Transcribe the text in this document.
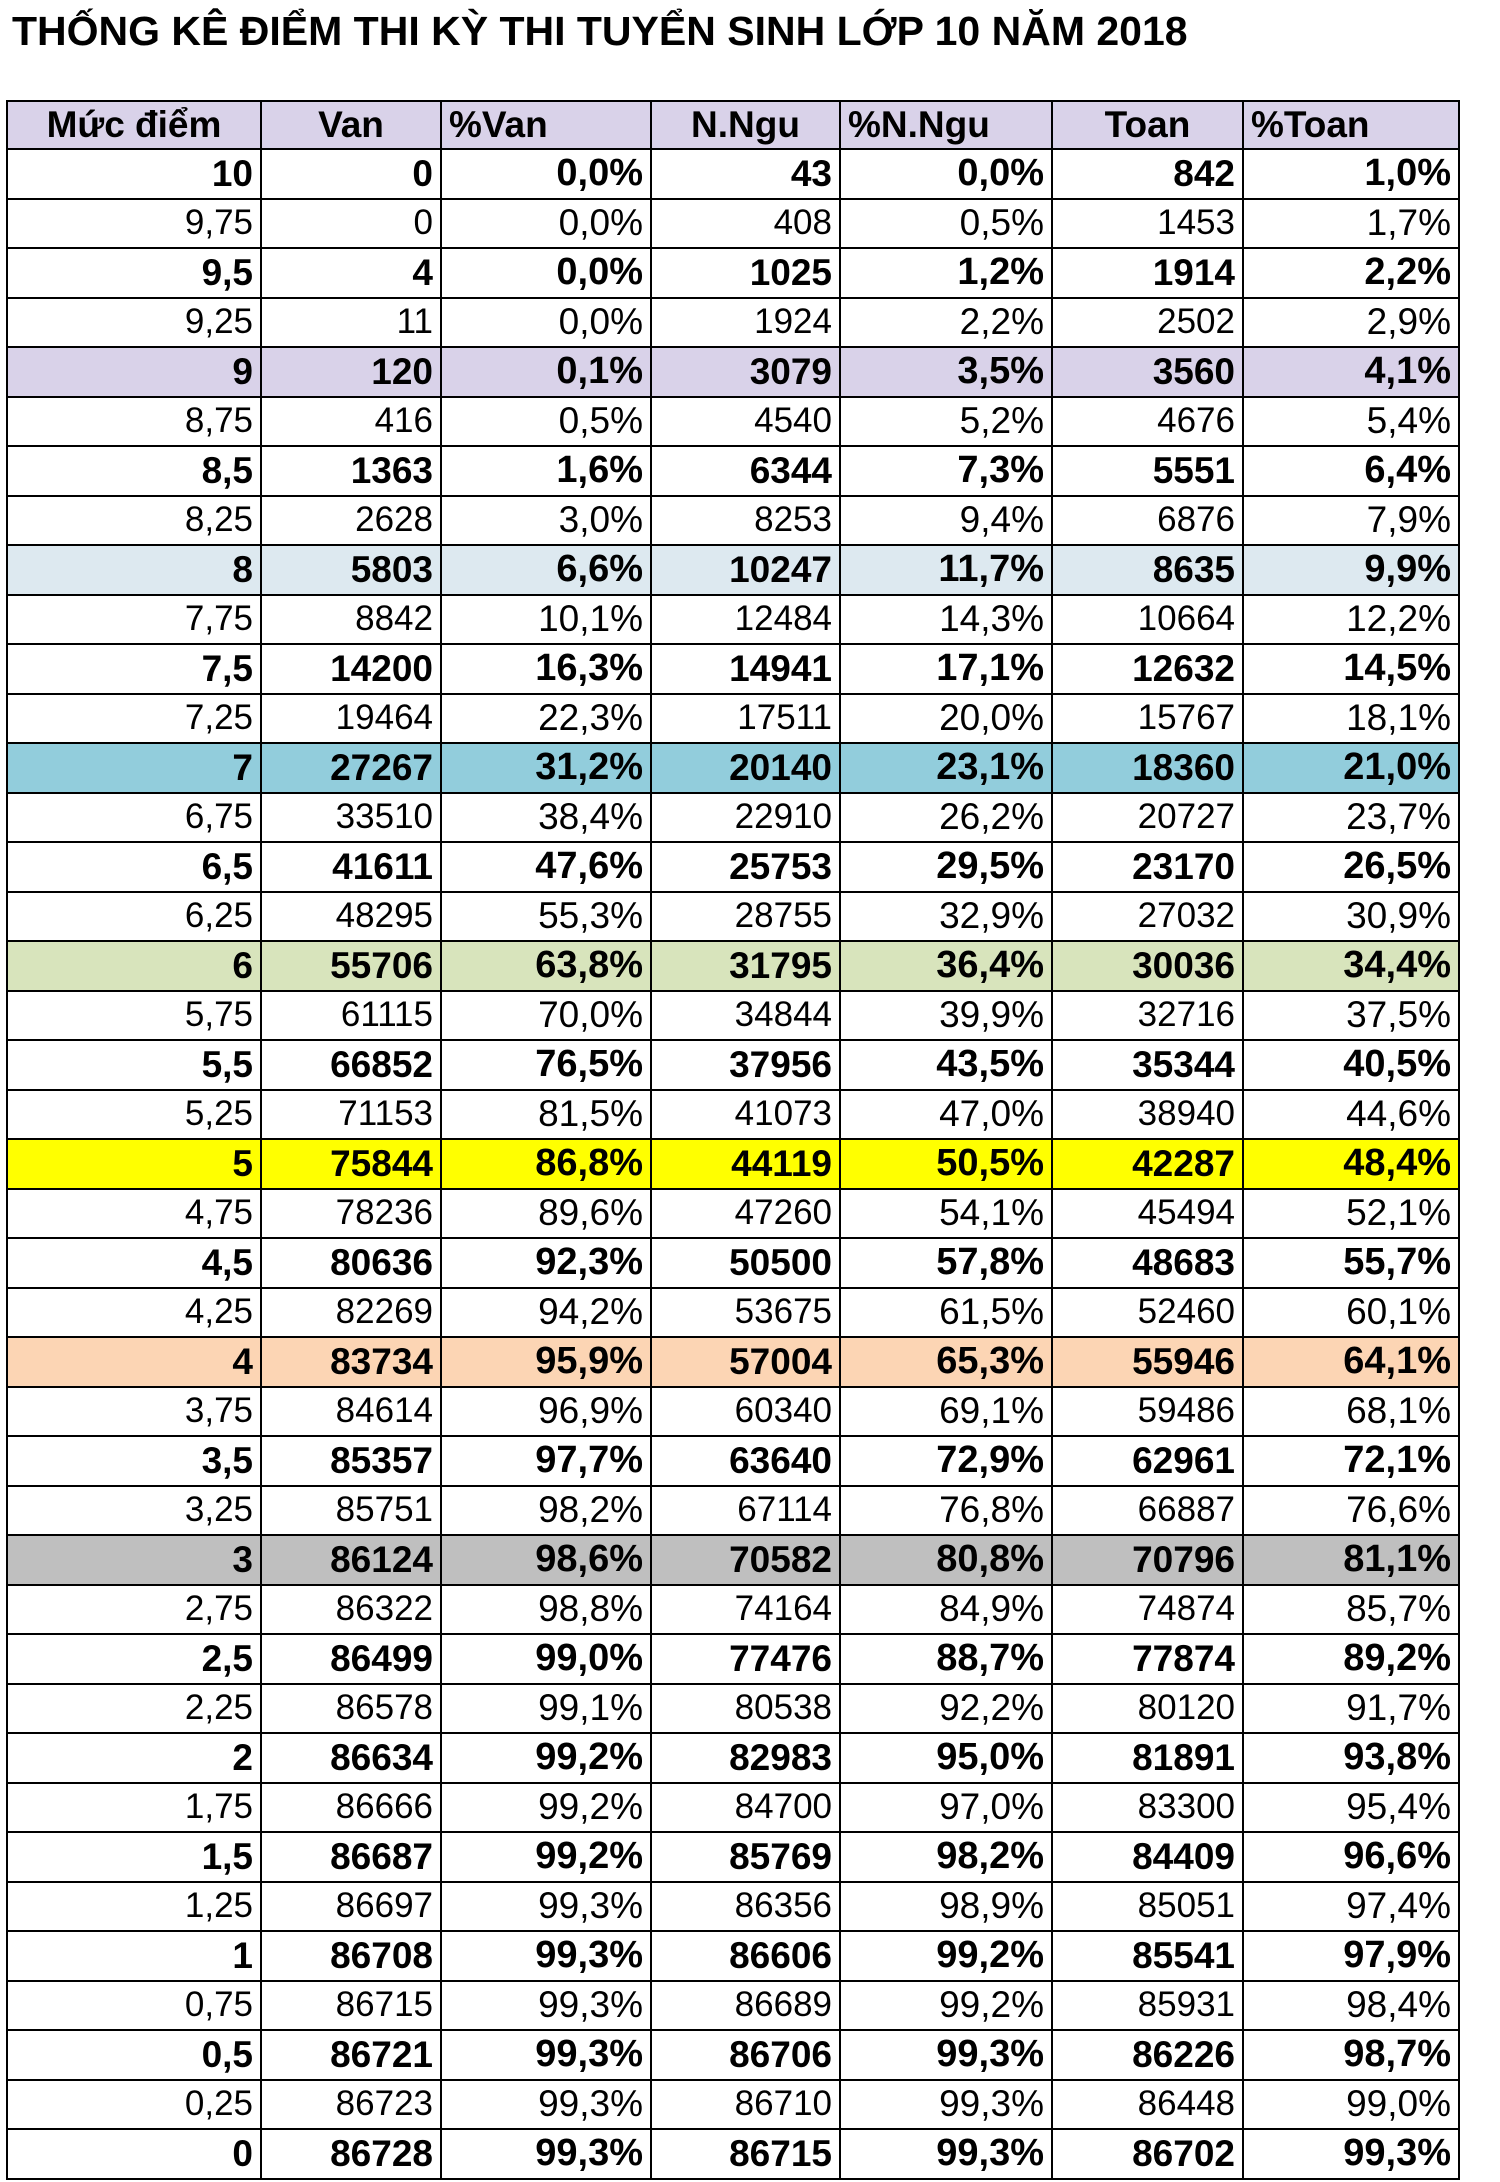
THỐNG KÊ ĐIỂM THI KỲ THI TUYỂN SINH LỚP 10 NĂM 2018
Mức điểm	Van	%Van	N.Ngu	%N.Ngu	Toan	%Toan
10	0	0,0%	43	0,0%	842	1,0%
9,75	0	0,0%	408	0,5%	1453	1,7%
9,5	4	0,0%	1025	1,2%	1914	2,2%
9,25	11	0,0%	1924	2,2%	2502	2,9%
9	120	0,1%	3079	3,5%	3560	4,1%
8,75	416	0,5%	4540	5,2%	4676	5,4%
8,5	1363	1,6%	6344	7,3%	5551	6,4%
8,25	2628	3,0%	8253	9,4%	6876	7,9%
8	5803	6,6%	10247	11,7%	8635	9,9%
7,75	8842	10,1%	12484	14,3%	10664	12,2%
7,5	14200	16,3%	14941	17,1%	12632	14,5%
7,25	19464	22,3%	17511	20,0%	15767	18,1%
7	27267	31,2%	20140	23,1%	18360	21,0%
6,75	33510	38,4%	22910	26,2%	20727	23,7%
6,5	41611	47,6%	25753	29,5%	23170	26,5%
6,25	48295	55,3%	28755	32,9%	27032	30,9%
6	55706	63,8%	31795	36,4%	30036	34,4%
5,75	61115	70,0%	34844	39,9%	32716	37,5%
5,5	66852	76,5%	37956	43,5%	35344	40,5%
5,25	71153	81,5%	41073	47,0%	38940	44,6%
5	75844	86,8%	44119	50,5%	42287	48,4%
4,75	78236	89,6%	47260	54,1%	45494	52,1%
4,5	80636	92,3%	50500	57,8%	48683	55,7%
4,25	82269	94,2%	53675	61,5%	52460	60,1%
4	83734	95,9%	57004	65,3%	55946	64,1%
3,75	84614	96,9%	60340	69,1%	59486	68,1%
3,5	85357	97,7%	63640	72,9%	62961	72,1%
3,25	85751	98,2%	67114	76,8%	66887	76,6%
3	86124	98,6%	70582	80,8%	70796	81,1%
2,75	86322	98,8%	74164	84,9%	74874	85,7%
2,5	86499	99,0%	77476	88,7%	77874	89,2%
2,25	86578	99,1%	80538	92,2%	80120	91,7%
2	86634	99,2%	82983	95,0%	81891	93,8%
1,75	86666	99,2%	84700	97,0%	83300	95,4%
1,5	86687	99,2%	85769	98,2%	84409	96,6%
1,25	86697	99,3%	86356	98,9%	85051	97,4%
1	86708	99,3%	86606	99,2%	85541	97,9%
0,75	86715	99,3%	86689	99,2%	85931	98,4%
0,5	86721	99,3%	86706	99,3%	86226	98,7%
0,25	86723	99,3%	86710	99,3%	86448	99,0%
0	86728	99,3%	86715	99,3%	86702	99,3%
